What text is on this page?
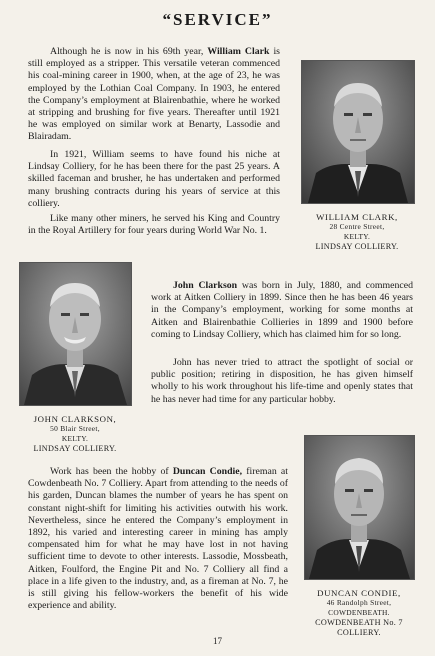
“SERVICE”

Although he is now in his 69th year, William Clark is still employed as a stripper. This versatile veteran commenced his coal-mining career in 1900, when, at the age of 23, he was employed by the Lothian Coal Company. In 1903, he entered the Company’s employment at Blairenbathie, where he worked at stripping and brushing for five years. Thereafter until 1921 he was employed on similar work at Benarty, Lassodie and Blairadam.

In 1921, William seems to have found his niche at Lindsay Colliery, for he has been there for the past 25 years. A skilled faceman and brusher, he has undertaken and performed many brushing contracts during his years of service at this colliery.

Like many other miners, he served his King and Country in the Royal Artillery for four years during World War No. 1.

WILLIAM CLARK,
28 Centre Street,
KELTY.
LINDSAY COLLIERY.
JOHN CLARKSON,
50 Blair Street,
KELTY.
LINDSAY COLLIERY.

John Clarkson was born in July, 1880, and commenced work at Aitken Colliery in 1899. Since then he has been 46 years in the Company’s employment, working for some months at Aitken and Blairenbathie Collieries in 1899 and 1900 before coming to Lindsay Colliery, which has claimed him for so long.

John has never tried to attract the spotlight of social or public position; retiring in disposition, he has given himself wholly to his work throughout his life-time and openly states that he has never had time for any particular hobby.

Work has been the hobby of Duncan Condie, fireman at Cowdenbeath No. 7 Colliery. Apart from attending to the needs of his garden, Duncan blames the number of years he has spent on constant night-shift for limiting his activities outwith his work. Nevertheless, since he entered the Company’s employment in 1892, his varied and interesting career in mining has amply compensated him for what he may have lost in not having sufficient time to devote to other interests. Lassodie, Mossbeath, Aitken, Foulford, the Engine Pit and No. 7 Colliery all find a place in a life given to the industry, and, as a fireman at No. 7, he is still giving his fellow-workers the benefit of his wide experience and ability.

DUNCAN CONDIE,
46 Randolph Street,
COWDENBEATH.
COWDENBEATH No. 7 COLLIERY.
17
